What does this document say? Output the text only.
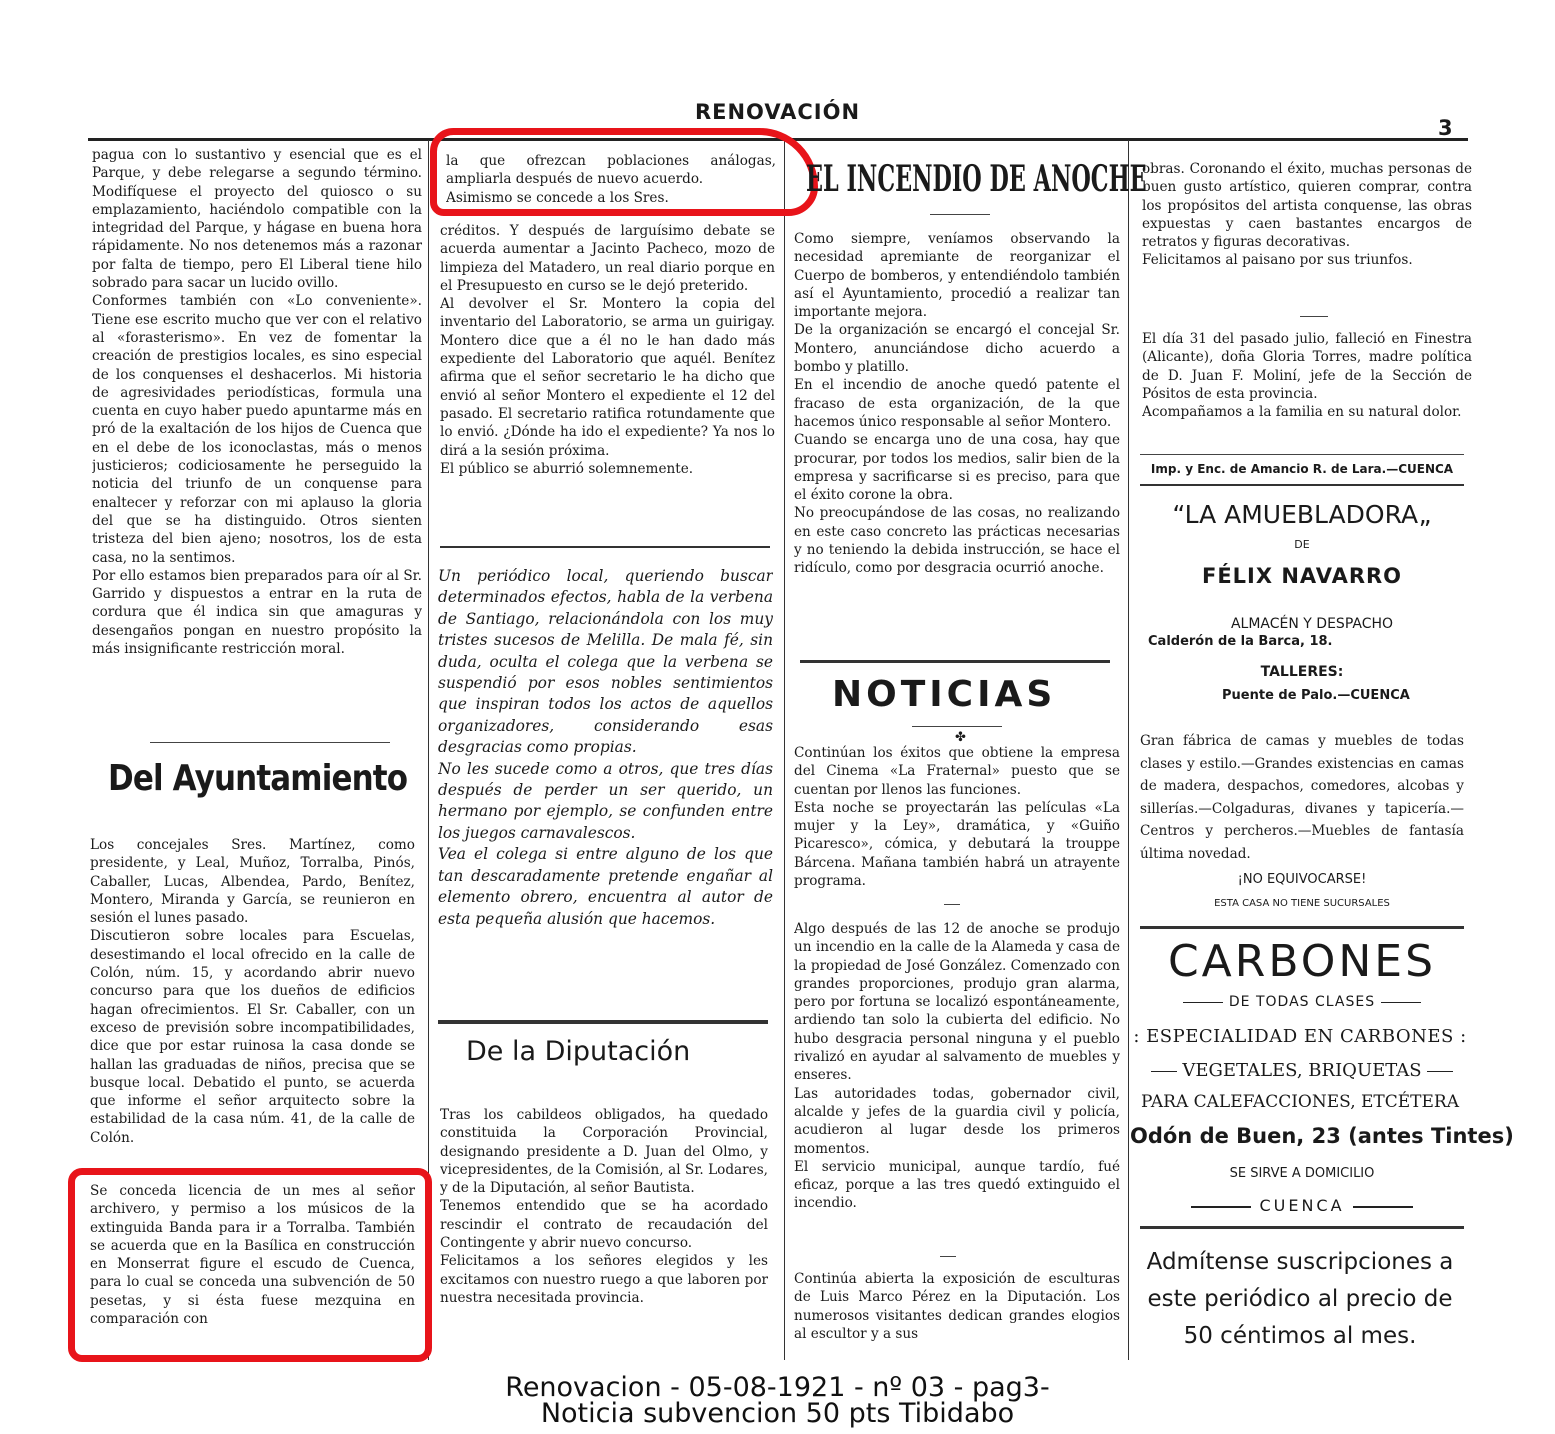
RENOVACIÓN
3
pagua con lo sustantivo y esencial que es el Parque, y debe relegarse a segundo término. Modifíquese el proyecto del quiosco o su emplazamiento, haciéndolo compatible con la integridad del Parque, y hágase en buena hora rápidamente. No nos detenemos más a razonar por falta de tiempo, pero El Liberal tiene hilo sobrado para sacar un lucido ovillo.
Conformes también con «Lo conveniente». Tiene ese escrito mucho que ver con el relativo al «forasterismo». En vez de fomentar la creación de prestigios locales, es sino especial de los conquenses el deshacerlos. Mi historia de agresividades periodísticas, formula una cuenta en cuyo haber puedo apuntarme más en pró de la exaltación de los hijos de Cuenca que en el debe de los iconoclastas, más o menos justicieros; codiciosamente he perseguido la noticia del triunfo de un conquense para enaltecer y reforzar con mi aplauso la gloria del que se ha distinguido. Otros sienten tristeza del bien ajeno; nosotros, los de esta casa, no la sentimos.
Por ello estamos bien preparados para oír al Sr. Garrido y dispuestos a entrar en la ruta de cordura que él indica sin que amaguras y desengaños pongan en nuestro propósito la más insignificante restricción moral.
Del Ayuntamiento
Los concejales Sres. Martínez, como presidente, y Leal, Muñoz, Torralba, Pinós, Caballer, Lucas, Albendea, Pardo, Benítez, Montero, Miranda y García, se reunieron en sesión el lunes pasado.
Discutieron sobre locales para Escuelas, desestimando el local ofrecido en la calle de Colón, núm. 15, y acordando abrir nuevo concurso para que los dueños de edificios hagan ofrecimientos. El Sr. Caballer, con un exceso de previsión sobre incompatibilidades, dice que por estar ruinosa la casa donde se hallan las graduadas de niños, precisa que se busque local. Debatido el punto, se acuerda que informe el señor arquitecto sobre la estabilidad de la casa núm. 41, de la calle de Colón.
Se conceda licencia de un mes al señor archivero, y permiso a los músicos de la extinguida Banda para ir a Torralba. También se acuerda que en la Basílica en construcción en Monserrat figure el escudo de Cuenca, para lo cual se conceda una subvención de 50 pesetas, y si ésta fuese mezquina en comparación con
la que ofrezcan poblaciones análogas, ampliarla después de nuevo acuerdo.
Asimismo se concede a los Sres.
créditos. Y después de larguísimo debate se acuerda aumentar a Jacinto Pacheco, mozo de limpieza del Matadero, un real diario porque en el Presupuesto en curso se le dejó preterido.
Al devolver el Sr. Montero la copia del inventario del Laboratorio, se arma un guirigay. Montero dice que a él no le han dado más expediente del Laboratorio que aquél. Benítez afirma que el señor secretario le ha dicho que envió al señor Montero el expediente el 12 del pasado. El secretario ratifica rotundamente que lo envió. ¿Dónde ha ido el expediente? Ya nos lo dirá a la sesión próxima.
El público se aburrió solemnemente.
Un periódico local, queriendo buscar determinados efectos, habla de la verbena de Santiago, relacionándola con los muy tristes sucesos de Melilla. De mala fé, sin duda, oculta el colega que la verbena se suspendió por esos nobles sentimientos que inspiran todos los actos de aquellos organizadores, considerando esas desgracias como propias.
No les sucede como a otros, que tres días después de perder un ser querido, un hermano por ejemplo, se confunden entre los juegos carnavalescos.
Vea el colega si entre alguno de los que tan descaradamente pretende engañar al elemento obrero, encuentra al autor de esta pequeña alusión que hacemos.
De la Diputación
Tras los cabildeos obligados, ha quedado constituida la Corporación Provincial, designando presidente a D. Juan del Olmo, y vicepresidentes, de la Comisión, al Sr. Lodares, y de la Diputación, al señor Bautista.
Tenemos entendido que se ha acordado rescindir el contrato de recaudación del Contingente y abrir nuevo concurso.
Felicitamos a los señores elegidos y les excitamos con nuestro ruego a que laboren por nuestra necesitada provincia.
EL INCENDIO DE ANOCHE
Como siempre, veníamos observando la necesidad apremiante de reorganizar el Cuerpo de bomberos, y entendiéndolo también así el Ayuntamiento, procedió a realizar tan importante mejora.
De la organización se encargó el concejal Sr. Montero, anunciándose dicho acuerdo a bombo y platillo.
En el incendio de anoche quedó patente el fracaso de esta organización, de la que hacemos único responsable al señor Montero.
Cuando se encarga uno de una cosa, hay que procurar, por todos los medios, salir bien de la empresa y sacrificarse si es preciso, para que el éxito corone la obra.
No preocupándose de las cosas, no realizando en este caso concreto las prácticas necesarias y no teniendo la debida instrucción, se hace el ridículo, como por desgracia ocurrió anoche.
NOTICIAS
✤
Continúan los éxitos que obtiene la empresa del Cinema «La Fraternal» puesto que se cuentan por llenos las funciones.
Esta noche se proyectarán las películas «La mujer y la Ley», dramática, y «Guiño Picaresco», cómica, y debutará la trouppe Bárcena. Mañana también habrá un atrayente programa.
Algo después de las 12 de anoche se produjo un incendio en la calle de la Alameda y casa de la propiedad de José González. Comenzado con grandes proporciones, produjo gran alarma, pero por fortuna se localizó espontáneamente, ardiendo tan solo la cubierta del edificio. No hubo desgracia personal ninguna y el pueblo rivalizó en ayudar al salvamento de muebles y enseres.
Las autoridades todas, gobernador civil, alcalde y jefes de la guardia civil y policía, acudieron al lugar desde los primeros momentos.
El servicio municipal, aunque tardío, fué eficaz, porque a las tres quedó extinguido el incendio.
Continúa abierta la exposición de esculturas de Luis Marco Pérez en la Diputación. Los numerosos visitantes dedican grandes elogios al escultor y a sus
obras. Coronando el éxito, muchas personas de buen gusto artístico, quieren comprar, contra los propósitos del artista conquense, las obras expuestas y caen bastantes encargos de retratos y figuras decorativas.
Felicitamos al paisano por sus triunfos.
El día 31 del pasado julio, falleció en Finestra (Alicante), doña Gloria Torres, madre política de D. Juan F. Moliní, jefe de la Sección de Pósitos de esta provincia.
Acompañamos a la familia en su natural dolor.
Imp. y Enc. de Amancio R. de Lara.—CUENCA
“LA AMUEBLADORA„
DE
FÉLIX NAVARRO
ALMACÉN Y DESPACHO
Calderón de la Barca, 18.
TALLERES:
Puente de Palo.—CUENCA
Gran fábrica de camas y muebles de todas clases y estilo.—Grandes existencias en camas de madera, despachos, comedores, alcobas y sillerías.—Colgaduras, divanes y tapicería.—Centros y percheros.—Muebles de fantasía última novedad.
¡NO EQUIVOCARSE!
ESTA CASA NO TIENE SUCURSALES
CARBONES
DE TODAS CLASES
: ESPECIALIDAD EN CARBONES :
VEGETALES, BRIQUETAS
PARA CALEFACCIONES, ETCÉTERA
Odón de Buen, 23 (antes Tintes)
SE SIRVE A DOMICILIO
CUENCA
Admítense suscripciones a este periódico al precio de 50 céntimos al mes.
Renovacion - 05-08-1921 - nº 03 - pag3-
Noticia subvencion 50 pts Tibidabo
